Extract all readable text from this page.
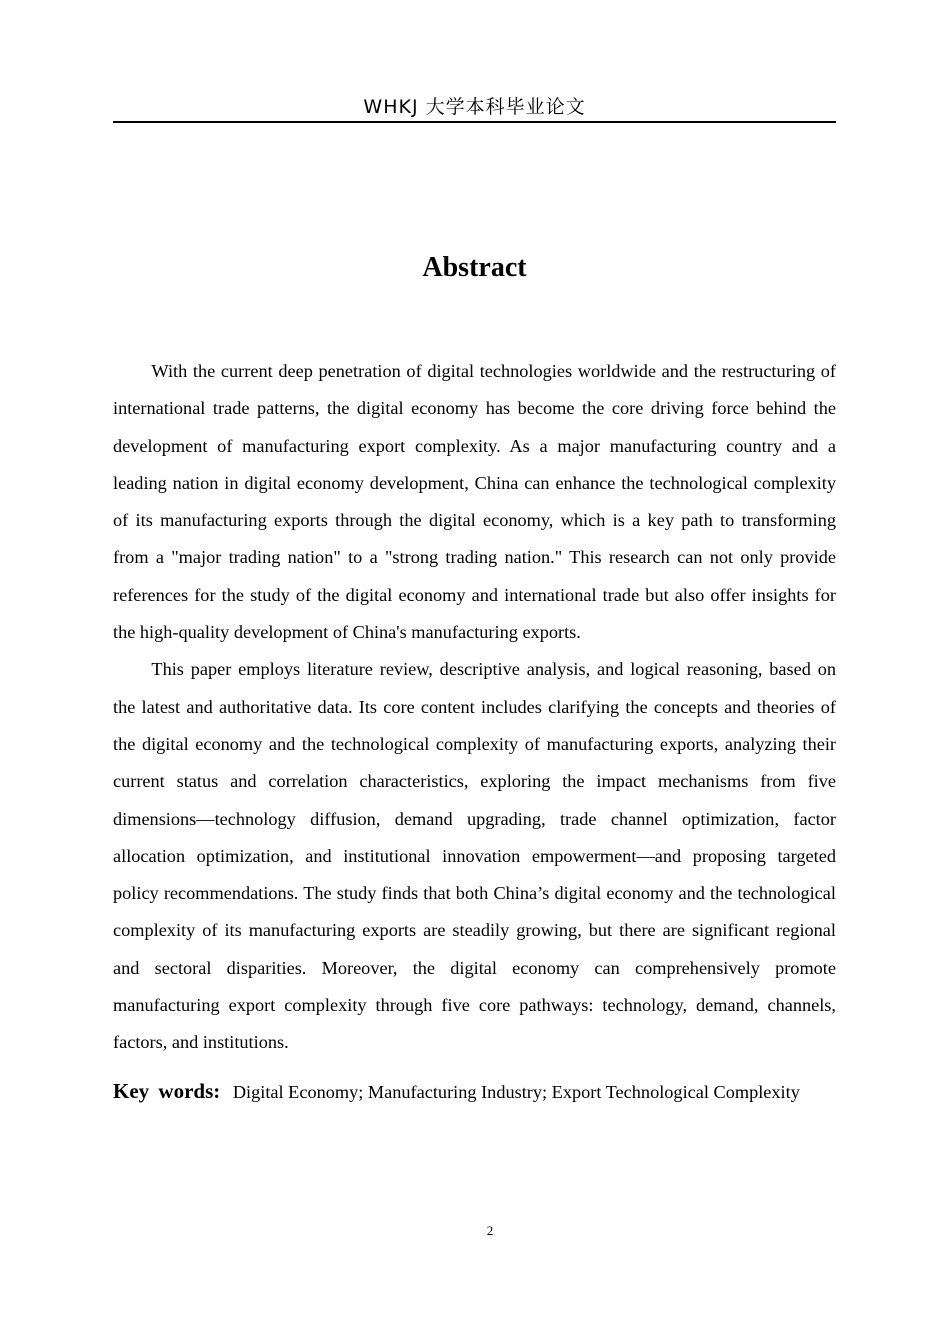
WHKJ 大学本科毕业论文
Abstract

With the current deep penetration of digital technologies worldwide and the restructuring of international trade patterns, the digital economy has become the core driving force behind the development of manufacturing export complexity. As a major manufacturing country and a leading nation in digital economy development, China can enhance the technological complexity of its manufacturing exports through the digital economy, which is a key path to transforming from a "major trading nation" to a "strong trading nation." This research can not only provide references for the study of the digital economy and international trade but also offer insights for the high-quality development of China's manufacturing exports.

This paper employs literature review, descriptive analysis, and logical reasoning, based on the latest and authoritative data. Its core content includes clarifying the concepts and theories of the digital economy and the technological complexity of manufacturing exports, analyzing their current status and correlation characteristics, exploring the impact mechanisms from five dimensions—technology diffusion, demand upgrading, trade channel optimization, factor allocation optimization, and institutional innovation empowerment—and proposing targeted policy recommendations. The study finds that both China’s digital economy and the technological complexity of its manufacturing exports are steadily growing, but there are significant regional and sectoral disparities. Moreover, the digital economy can comprehensively promote manufacturing export complexity through five core pathways: technology, demand, channels, factors, and institutions.

Key words: Digital Economy; Manufacturing Industry; Export Technological Complexity
2
